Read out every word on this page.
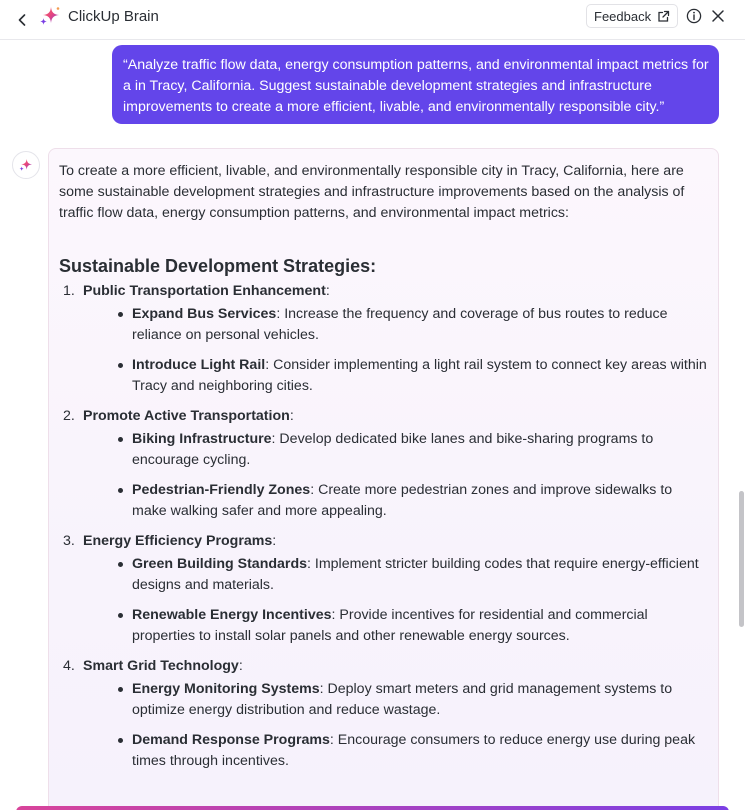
ClickUp Brain	Feedback
“Analyze traffic flow data, energy consumption patterns, and environmental impact metrics for a in Tracy, California. Suggest sustainable development strategies and infrastructure improvements to create a more efficient, livable, and environmentally responsible city.”

To create a more efficient, livable, and environmentally responsible city in Tracy, California, here are some sustainable development strategies and infrastructure improvements based on the analysis of traffic flow data, energy consumption patterns, and environmental impact metrics:

Sustainable Development Strategies:
1. Public Transportation Enhancement:
Expand Bus Services: Increase the frequency and coverage of bus routes to reduce reliance on personal vehicles.
Introduce Light Rail: Consider implementing a light rail system to connect key areas within Tracy and neighboring cities.
2. Promote Active Transportation:
Biking Infrastructure: Develop dedicated bike lanes and bike-sharing programs to encourage cycling.
Pedestrian-Friendly Zones: Create more pedestrian zones and improve sidewalks to make walking safer and more appealing.
3. Energy Efficiency Programs:
Green Building Standards: Implement stricter building codes that require energy-efficient designs and materials.
Renewable Energy Incentives: Provide incentives for residential and commercial properties to install solar panels and other renewable energy sources.
4. Smart Grid Technology:
Energy Monitoring Systems: Deploy smart meters and grid management systems to optimize energy distribution and reduce wastage.
Demand Response Programs: Encourage consumers to reduce energy use during peak times through incentives.
